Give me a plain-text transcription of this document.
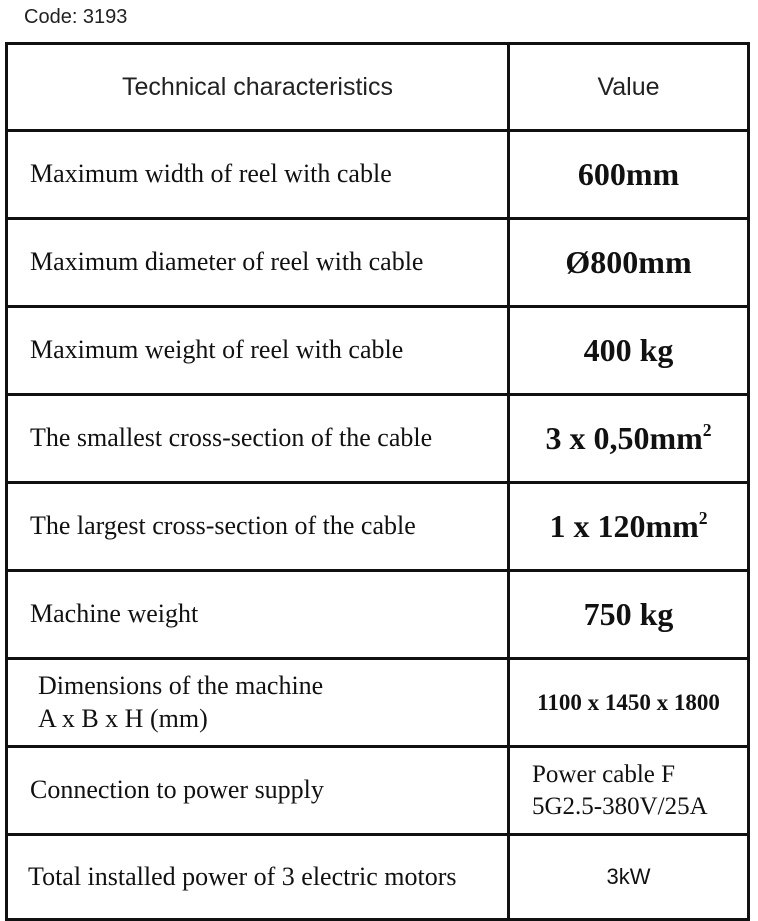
Code: 3193
Technical characteristics	Value
Maximum width of reel with cable	600mm
Maximum diameter of reel with cable	Ø800mm
Maximum weight of reel with cable	400 kg
The smallest cross-section of the cable	3 x $0,50mm^2$
The largest cross-section of the cable	1 x $120mm^2$
Machine weight	750 kg

Dimensions of the machine
A x B x H (mm)	1100 x 1450 x 1800
Connection to power supply	Power cable F
5G2.5-380V/25A

Total installed power of 3 electric motors	3kW
